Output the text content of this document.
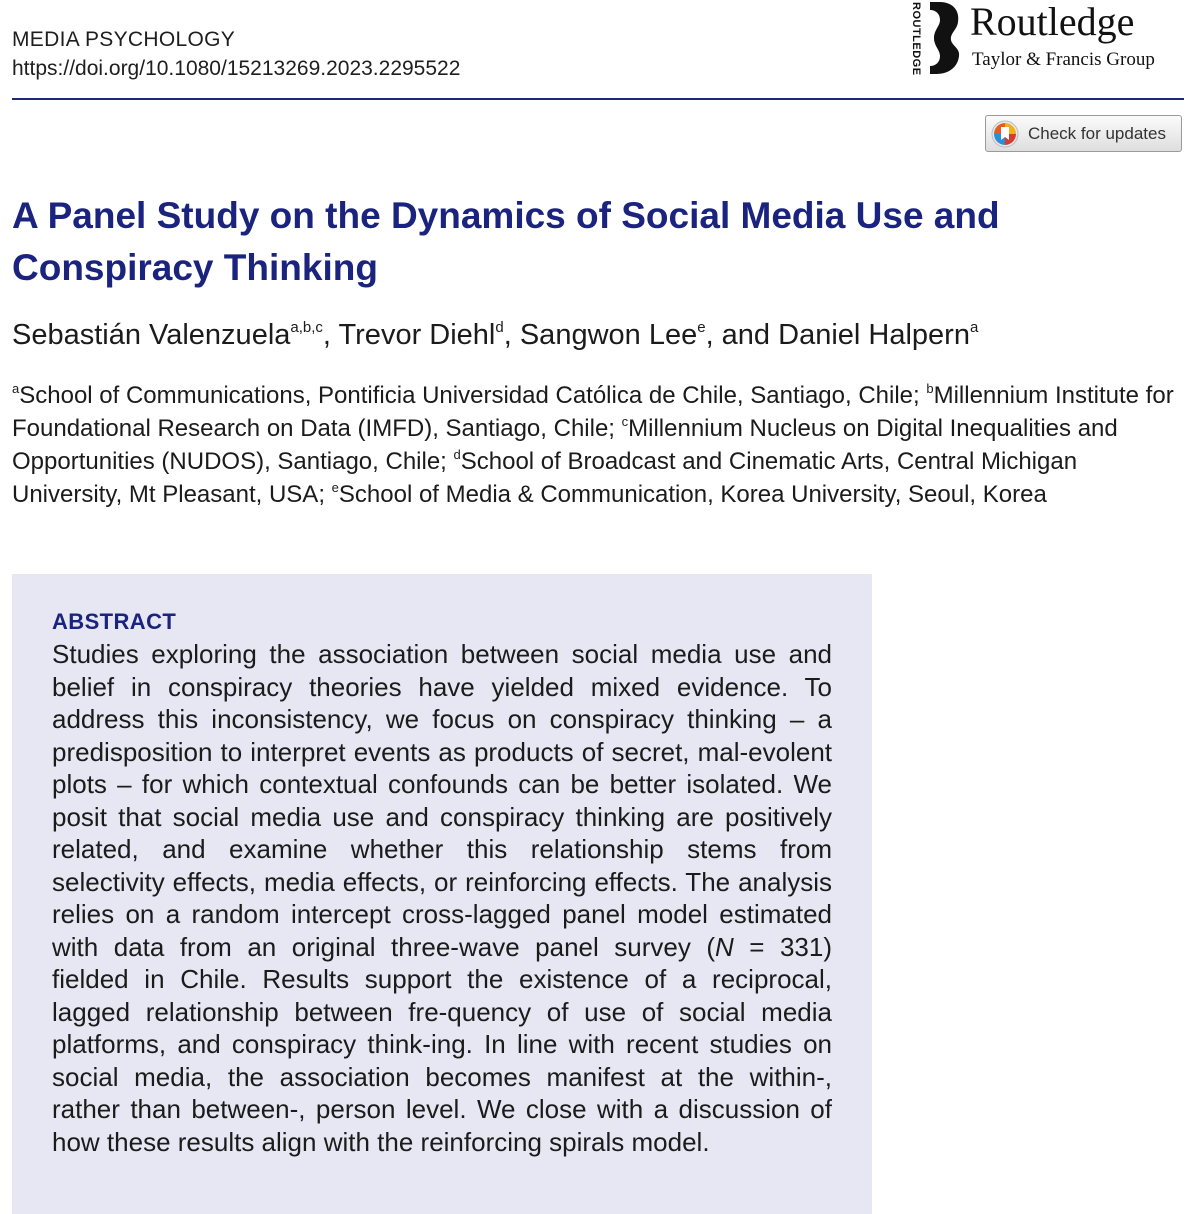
MEDIA PSYCHOLOGY
https://doi.org/10.1080/15213269.2023.2295522	ROUTLEDGE Routledge
Taylor & Francis Group
Check for updates
A Panel Study on the Dynamics of Social Media Use and Conspiracy Thinking
Sebastián Valenzuela$^{a,b,c}$, Trevor Diehl$^d$, Sangwon Lee$^e$, and Daniel Halpern$^a$
$^a$School of Communications, Pontificia Universidad Católica de Chile, Santiago, Chile; $^b$Millennium Institute for Foundational Research on Data (IMFD), Santiago, Chile; $^c$Millennium Nucleus on Digital Inequalities and Opportunities (NUDOS), Santiago, Chile; $^d$School of Broadcast and Cinematic Arts, Central Michigan University, Mt Pleasant, USA; $^e$School of Media & Communication, Korea University, Seoul, Korea
ABSTRACT

Studies exploring the association between social media use and belief in conspiracy theories have yielded mixed evidence. To address this inconsistency, we focus on conspiracy thinking – a predisposition to interpret events as products of secret, mal-evolent plots – for which contextual confounds can be better isolated. We posit that social media use and conspiracy thinking are positively related, and examine whether this relationship stems from selectivity effects, media effects, or reinforcing effects. The analysis relies on a random intercept cross-lagged panel model estimated with data from an original three-wave panel survey (N = 331) fielded in Chile. Results support the existence of a reciprocal, lagged relationship between fre-quency of use of social media platforms, and conspiracy think-ing. In line with recent studies on social media, the association becomes manifest at the within-, rather than between-, person level. We close with a discussion of how these results align with the reinforcing spirals model.
